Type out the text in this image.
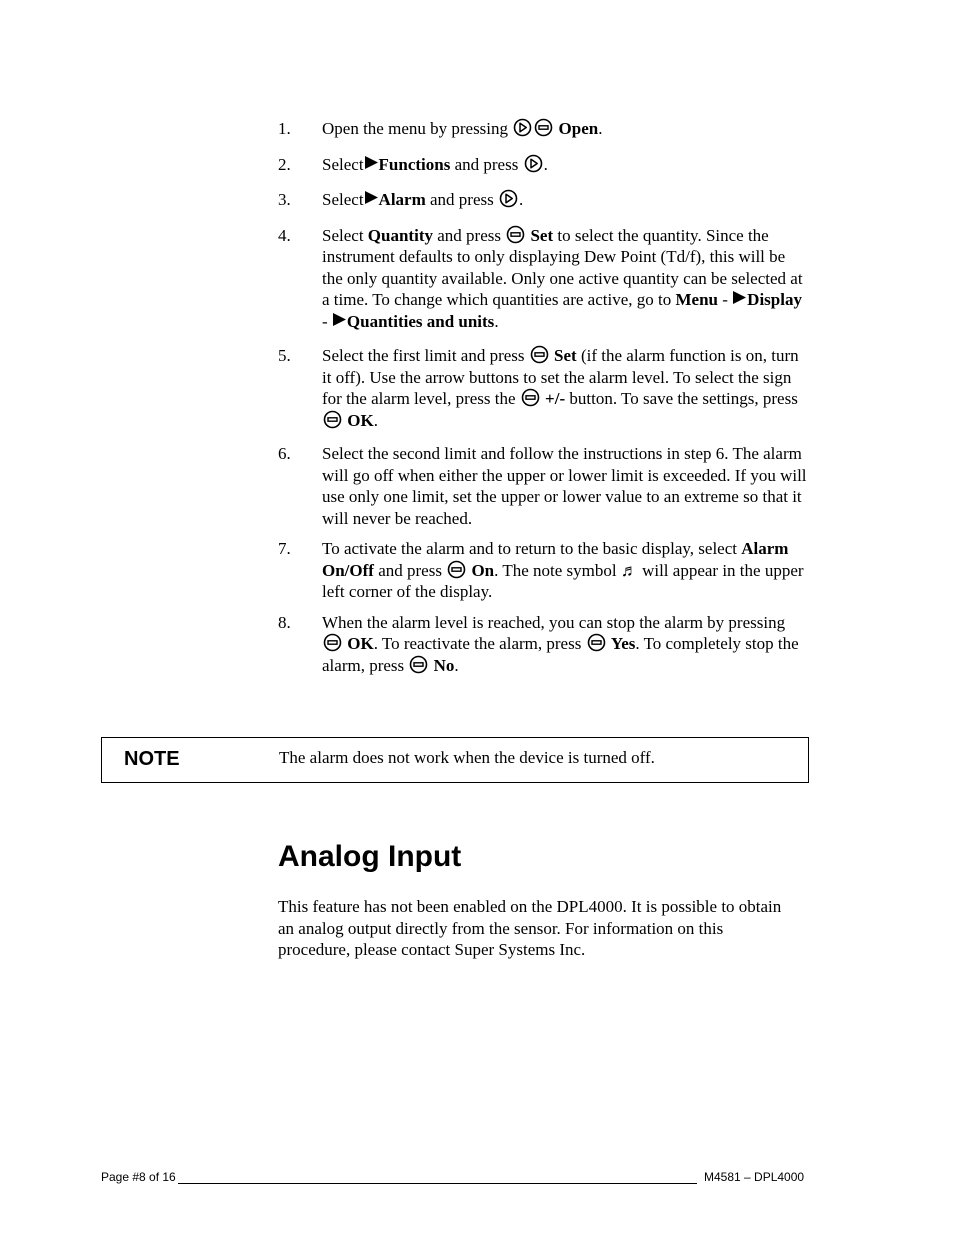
1.	Open the menu by pressing	Open.
2.	Select Functions and press
.
3.	Select Alarm and press
.
4.	Select Quantity and press
Set to select the quantity. Since the instrument defaults to only displaying Dew Point (Td/f), this will be the only quantity available. Only one active quantity can be selected at a time. To change which quantities are active, go to Menu -
Display -
Quantities and units.
5.	Select the first limit and press
Set (if the alarm function is on, turn it off). Use the arrow buttons to set the alarm level. To select the sign for the alarm level, press the
+/- button. To save the settings, press

OK.
6.	Select the second limit and follow the instructions in step 6. The alarm will go off when either the upper or lower limit is exceeded. If you will use only one limit, set the upper or lower value to an extreme so that it will never be reached.
7.	To activate the alarm and to return to the basic display, select Alarm On/Off and press
On. The note symbol ♬ will appear in the upper left corner of the display.
8.	When the alarm level is reached, you can stop the alarm by pressing
OK. To reactivate the alarm, press
Yes. To completely stop the alarm, press
No.
NOTE	The alarm does not work when the device is turned off.
Analog Input

This feature has not been enabled on the DPL4000. It is possible to obtain an analog output directly from the sensor. For information on this procedure, please contact Super Systems Inc.

Page #8 of 16	M4581 – DPL4000
